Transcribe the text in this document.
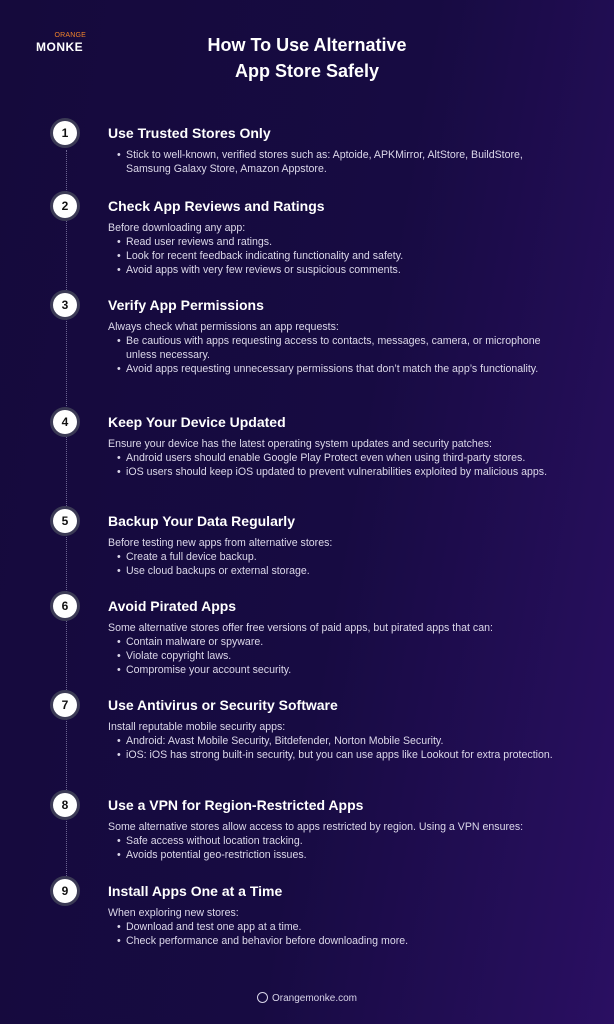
ORANGE
MONKE	How To Use Alternative
App Store Safely
1	Use Trusted Stores Only
• Stick to well-known, verified stores such as: Aptoide, APKMirror, AltStore, BuildStore, Samsung Galaxy Store, Amazon Appstore.
2	Check App Reviews and Ratings
Before downloading any app:
• Read user reviews and ratings.
• Look for recent feedback indicating functionality and safety.
• Avoid apps with very few reviews or suspicious comments.
3	Verify App Permissions
Always check what permissions an app requests:
• Be cautious with apps requesting access to contacts, messages, camera, or microphone unless necessary.
• Avoid apps requesting unnecessary permissions that don’t match the app’s functionality.
4	Keep Your Device Updated
Ensure your device has the latest operating system updates and security patches:
• Android users should enable Google Play Protect even when using third-party stores.
• iOS users should keep iOS updated to prevent vulnerabilities exploited by malicious apps.
5	Backup Your Data Regularly
Before testing new apps from alternative stores:
• Create a full device backup.
• Use cloud backups or external storage.
6	Avoid Pirated Apps
Some alternative stores offer free versions of paid apps, but pirated apps that can:
• Contain malware or spyware.
• Violate copyright laws.
• Compromise your account security.
7	Use Antivirus or Security Software
Install reputable mobile security apps:
• Android: Avast Mobile Security, Bitdefender, Norton Mobile Security.
• iOS: iOS has strong built-in security, but you can use apps like Lookout for extra protection.
8	Use a VPN for Region-Restricted Apps
Some alternative stores allow access to apps restricted by region. Using a VPN ensures:
• Safe access without location tracking.
• Avoids potential geo-restriction issues.
9	Install Apps One at a Time
When exploring new stores:
• Download and test one app at a time.
• Check performance and behavior before downloading more.
Orangemonke.com
